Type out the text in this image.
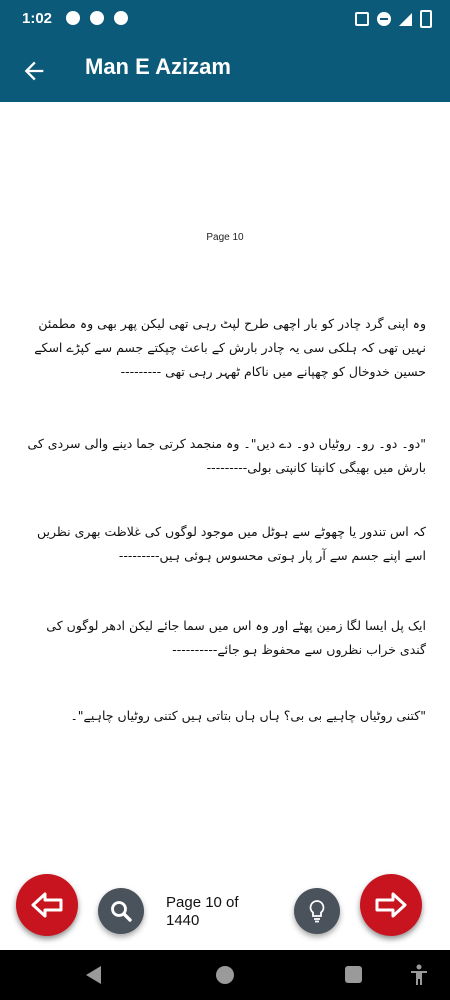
1:02
Man E Azizam
Page 10
وہ اپنی گرد چادر کو بار اچھی طرح لپٹ رہی تھی لیکن پھر بھی وہ مطمئن نہیں تھی کہ ہلکی سی یہ چادر بارش کے باعث چپکتے جسم سے کپڑے اسکے حسین خدوخال کو چھپانے میں ناکام ٹھہر رہی تھی ---------
"دو۔ دو۔ رو۔ روٹیاں دو۔ دے دیں"۔ وہ منجمد کرتی جما دینے والی سردی کی بارش میں بھیگی کانپتا کانپتی بولی---------
کہ اس تندور یا چھوٹے سے ہوٹل میں موجود لوگوں کی غلاظت بھری نظریں اسے اپنے جسم سے آر پار ہوتی محسوس ہوئی ہیں---------
ایک پل ایسا لگا زمین پھٹے اور وہ اس میں سما جائے لیکن ادھر لوگوں کی گندی خراب نظروں سے محفوظ ہو جائے----------
"کتنی روٹیاں چاہیے بی بی؟ ہاں ہاں بتاتی ہیں کتنی روٹیاں چاہیے"۔
Page 10 of
1440
